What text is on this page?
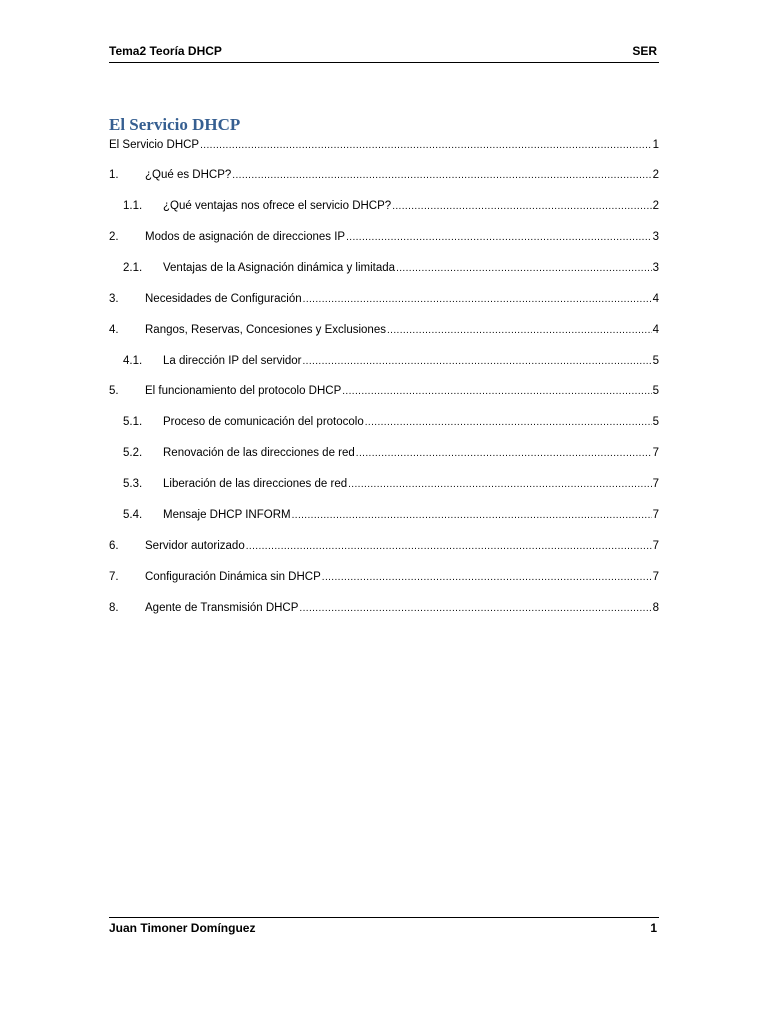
Tema2 Teoría DHCP	SER
El Servicio DHCP
El Servicio DHCP .....	1
1.	¿Qué es DHCP? .....	2
1.1.	¿Qué ventajas nos ofrece el servicio DHCP? .....	2
2.	Modos de asignación de direcciones IP .....	3
2.1.	Ventajas de la Asignación dinámica y limitada .....	3
3.	Necesidades de Configuración .....	4
4.	Rangos, Reservas, Concesiones y Exclusiones .....	4
4.1.	La dirección IP del servidor .....	5
5.	El funcionamiento del protocolo DHCP .....	5
5.1.	Proceso de comunicación del protocolo .....	5
5.2.	Renovación de las direcciones de red .....	7
5.3.	Liberación de las direcciones de red .....	7
5.4.	Mensaje DHCP INFORM .....	7
6.	Servidor autorizado .....	7
7.	Configuración Dinámica sin DHCP .....	7
8.	Agente de Transmisión DHCP .....	8
Juan Timoner Domínguez	1
